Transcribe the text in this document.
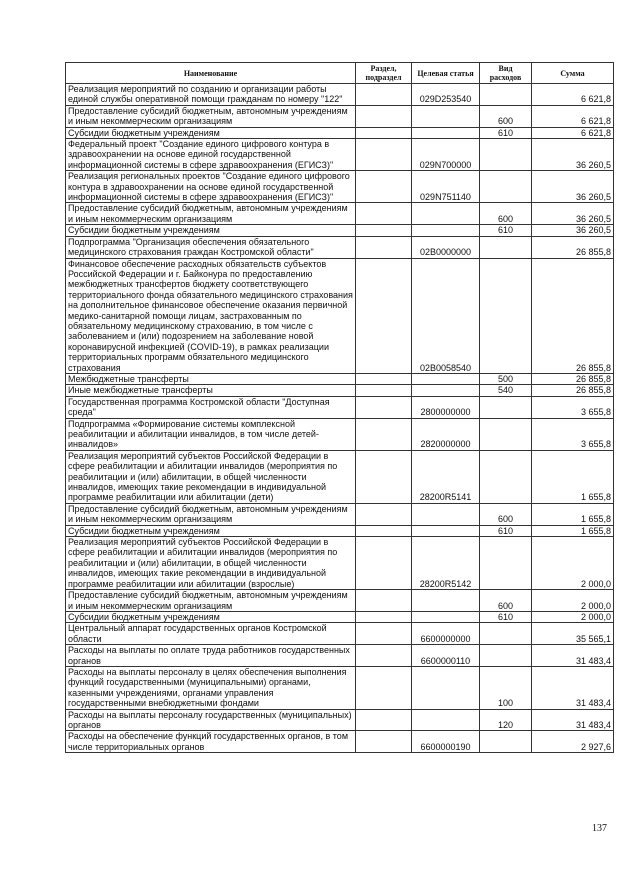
Наименование	Раздел, подраздел	Целевая статья	Вид расходов	Сумма
Реализация мероприятий по созданию и организации работы единой службы оперативной помощи гражданам по номеру "122"		029D253540		6 621,8
Предоставление субсидий бюджетным, автономным учреждениям и иным некоммерческим организациям			600	6 621,8
Субсидии бюджетным учреждениям			610	6 621,8
Федеральный проект "Создание единого цифрового контура в здравоохранении на основе единой государственной информационной системы в сфере здравоохранения (ЕГИСЗ)"		029N700000		36 260,5
Реализация региональных проектов "Создание единого цифрового контура в здравоохранении на основе единой государственной информационной системы в сфере здравоохранения (ЕГИСЗ)"		029N751140		36 260,5
Предоставление субсидий бюджетным, автономным учреждениям и иным некоммерческим организациям			600	36 260,5
Субсидии бюджетным учреждениям			610	36 260,5
Подпрограмма "Организация обеспечения обязательного медицинского страхования граждан Костромской области"		02B0000000		26 855,8
Финансовое обеспечение расходных обязательств субъектов Российской Федерации и г. Байконура по предоставлению межбюджетных трансфертов бюджету соответствующего территориального фонда обязательного медицинского страхования на дополнительное финансовое обеспечение оказания первичной медико-санитарной помощи лицам, застрахованным по обязательному медицинскому страхованию, в том числе с заболеванием и (или) подозрением на заболевание новой коронавирусной инфекцией (COVID-19), в рамках реализации территориальных программ обязательного медицинского страхования		02B0058540		26 855,8
Межбюджетные трансферты			500	26 855,8
Иные межбюджетные трансферты			540	26 855,8
Государственная программа Костромской области "Доступная среда"		2800000000		3 655,8
Подпрограмма «Формирование системы комплексной реабилитации и абилитации инвалидов, в том числе детей-инвалидов»		2820000000		3 655,8
Реализация мероприятий субъектов Российской Федерации в сфере реабилитации и абилитации инвалидов (мероприятия по реабилитации и (или) абилитации, в общей численности инвалидов, имеющих такие рекомендации в индивидуальной программе реабилитации или абилитации (дети)		28200R5141		1 655,8
Предоставление субсидий бюджетным, автономным учреждениям и иным некоммерческим организациям			600	1 655,8
Субсидии бюджетным учреждениям			610	1 655,8
Реализация мероприятий субъектов Российской Федерации в сфере реабилитации и абилитации инвалидов (мероприятия по реабилитации и (или) абилитации, в общей численности инвалидов, имеющих такие рекомендации в индивидуальной программе реабилитации или абилитации (взрослые)		28200R5142		2 000,0
Предоставление субсидий бюджетным, автономным учреждениям и иным некоммерческим организациям			600	2 000,0
Субсидии бюджетным учреждениям			610	2 000,0
Центральный аппарат государственных органов Костромской области		6600000000		35 565,1
Расходы на выплаты по оплате труда работников государственных органов		6600000110		31 483,4
Расходы на выплаты персоналу в целях обеспечения выполнения функций государственными (муниципальными) органами, казенными учреждениями, органами управления государственными внебюджетными фондами			100	31 483,4
Расходы на выплаты персоналу государственных (муниципальных) органов			120	31 483,4
Расходы на обеспечение функций государственных органов, в том числе территориальных органов		6600000190		2 927,6
137
